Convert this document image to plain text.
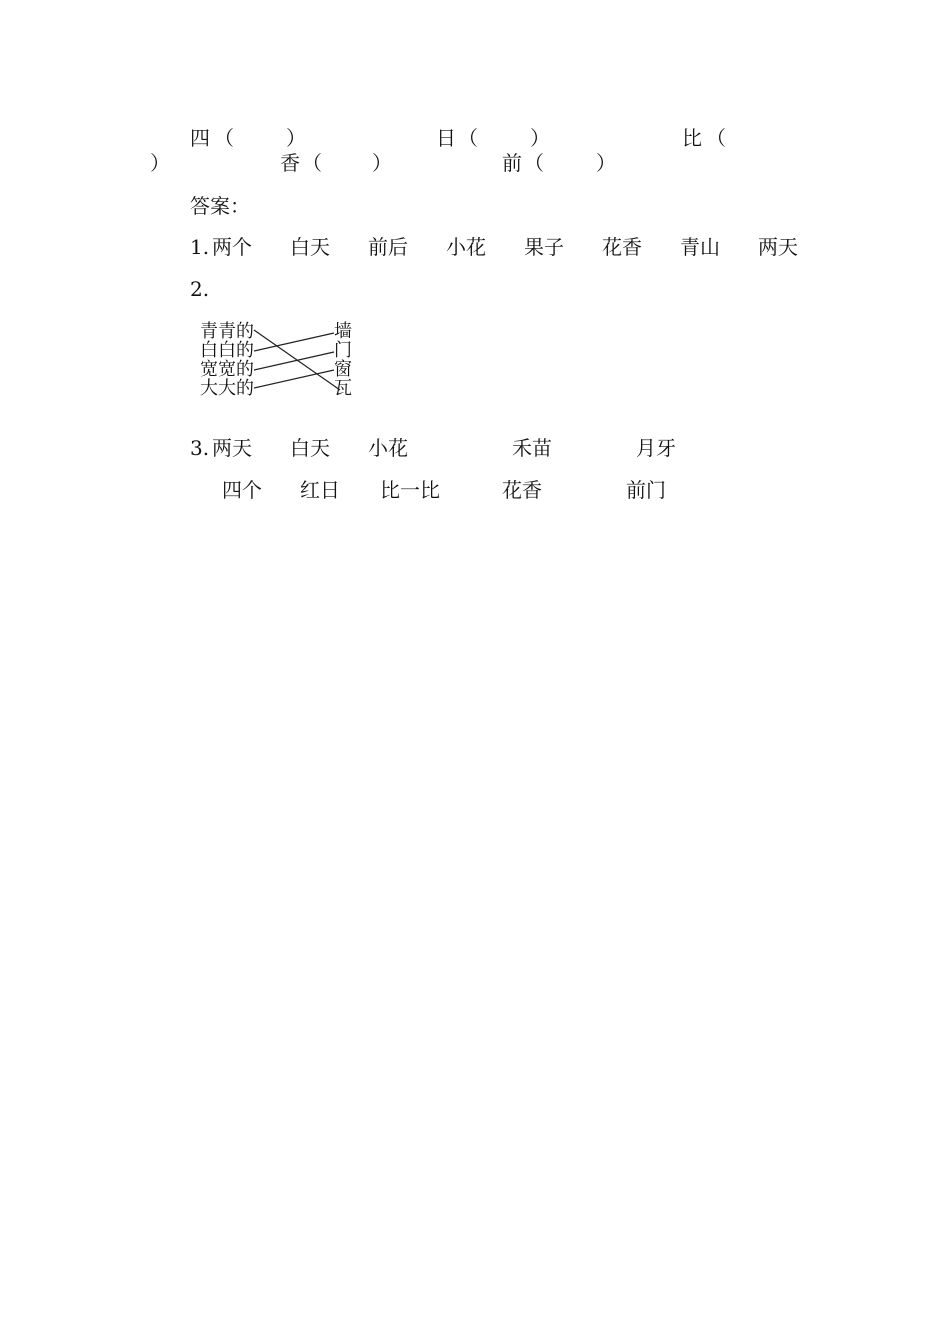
四 （	）	日 （	）	比 （
）	香 （	）	前 （	）
答案：
1. 两个 白天 前后 小花 果子 花香 青山 两天
2.
青青的
白白的
宽宽的
大大的
墙
门
窗
瓦
3. 两天 白天 小花	禾苗	月牙
四个 红日 比一比	花香	前门
